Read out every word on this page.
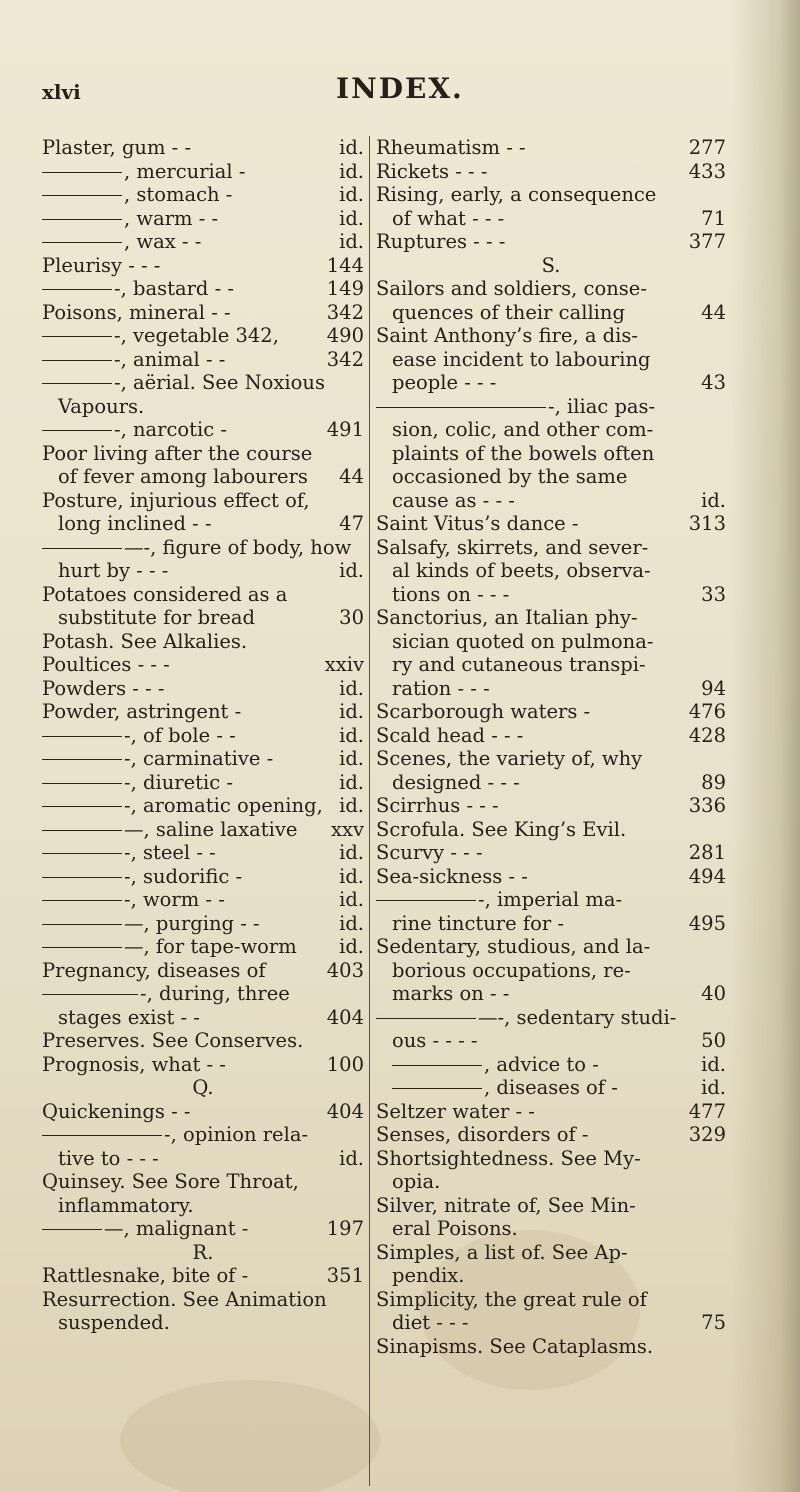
xlvi	INDEX.
Plaster, gum - -	id.
, mercurial -	id.
, stomach -	id.
, warm - -	id.
, wax - -	id.
Pleurisy - - -	144
-, bastard - -	149
Poisons, mineral - -	342
-, vegetable 342, 490
-, animal - -	342
-, aërial. See Noxious
Vapours.
-, narcotic -	491
Poor living after the course
of fever among labourers 44
Posture, injurious effect of,
long inclined - -	47
—-, figure of body, how
hurt by - - -	id.
Potatoes considered as a
substitute for bread	30
Potash. See Alkalies.
Poultices - - -	xxiv
Powders - - -	id.
Powder, astringent -	id.
-, of bole - -	id.
-, carminative -	id.
-, diuretic -	id.
-, aromatic opening, id.
—, saline laxative xxv
-, steel - -	id.
-, sudorific -	id.
-, worm - -	id.
—, purging - -	id.
—, for tape-worm id.
Pregnancy, diseases of	403
-, during, three
stages exist - -	404
Preserves. See Conserves.
Prognosis, what - -	100
Q.
Quickenings - -	404
-, opinion rela-
tive to - - -	id.
Quinsey. See Sore Throat,
inflammatory.
—, malignant -	197
R.
Rattlesnake, bite of -	351
Resurrection. See Animation
suspended.
Rheumatism - -	277
Rickets - - -	433
Rising, early, a consequence
of what - - -	71
Ruptures - - -	377
S.
Sailors and soldiers, conse-
quences of their calling	44
Saint Anthony’s fire, a dis-
ease incident to labouring
people - - -	43
-, iliac pas-
sion, colic, and other com-
plaints of the bowels often
occasioned by the same
cause as - - -	id.
Saint Vitus’s dance -	313
Salsafy, skirrets, and sever-
al kinds of beets, observa-
tions on - - -	33
Sanctorius, an Italian phy-
sician quoted on pulmona-
ry and cutaneous transpi-
ration - - -	94
Scarborough waters -	476
Scald head - - -	428
Scenes, the variety of, why
designed - - -	89
Scirrhus - - -	336
Scrofula. See King’s Evil.
Scurvy - - -	281
Sea-sickness - -	494
-, imperial ma-
rine tincture for -	495
Sedentary, studious, and la-
borious occupations, re-
marks on - -	40
—-, sedentary studi-
ous - - - -	50
, advice to -	id.
, diseases of -	id.
Seltzer water - -	477
Senses, disorders of -	329
Shortsightedness. See My-
opia.
Silver, nitrate of, See Min-
eral Poisons.
Simples, a list of. See Ap-
pendix.
Simplicity, the great rule of
diet - - -	75
Sinapisms. See Cataplasms.
